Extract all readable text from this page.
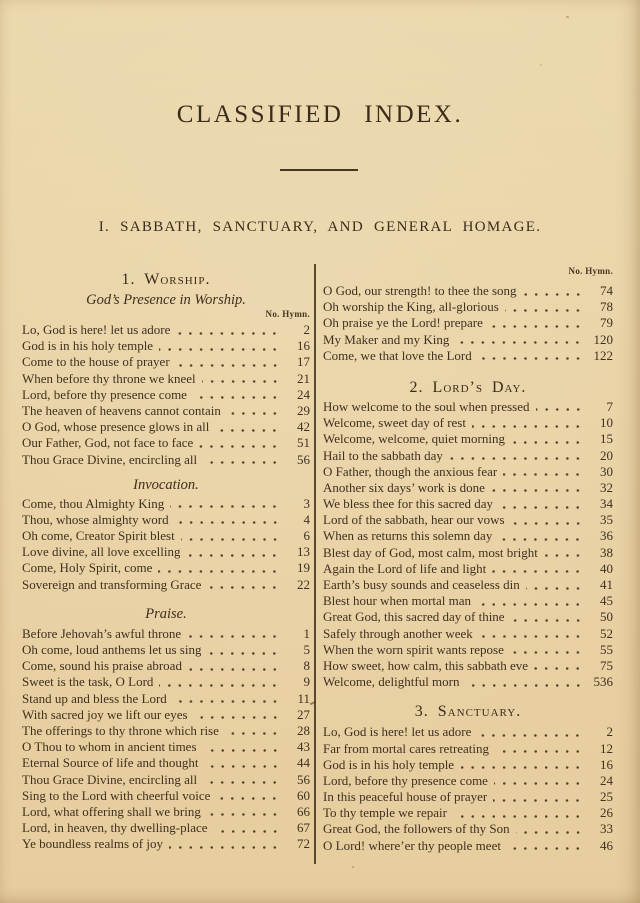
CLASSIFIED INDEX.
I. SABBATH, SANCTUARY, AND GENERAL HOMAGE.
1. Worship.
God’s Presence in Worship.
No. Hymn.
Lo, God is here! let us adore	2
God is in his holy temple	16
Come to the house of prayer	17
When before thy throne we kneel	21
Lord, before thy presence come	24
The heaven of heavens cannot contain	29
O God, whose presence glows in all	42
Our Father, God, not face to face	51
Thou Grace Divine, encircling all	56
Invocation.
Come, thou Almighty King	3
Thou, whose almighty word	4
Oh come, Creator Spirit blest	6
Love divine, all love excelling	13
Come, Holy Spirit, come	19
Sovereign and transforming Grace	22
Praise.
Before Jehovah’s awful throne	1
Oh come, loud anthems let us sing	5
Come, sound his praise abroad	8
Sweet is the task, O Lord	9
Stand up and bless the Lord	11
With sacred joy we lift our eyes	27
The offerings to thy throne which rise	28
O Thou to whom in ancient times	43
Eternal Source of life and thought	44
Thou Grace Divine, encircling all	56
Sing to the Lord with cheerful voice	60
Lord, what offering shall we bring	66
Lord, in heaven, thy dwelling-place	67
Ye boundless realms of joy	72
No. Hymn.
O God, our strength! to thee the song	74
Oh worship the King, all-glorious	78
Oh praise ye the Lord! prepare	79
My Maker and my King	120
Come, we that love the Lord	122
2. Lord’s Day.
How welcome to the soul when pressed	7
Welcome, sweet day of rest	10
Welcome, welcome, quiet morning	15
Hail to the sabbath day	20
O Father, though the anxious fear	30
Another six days’ work is done	32
We bless thee for this sacred day	34
Lord of the sabbath, hear our vows	35
When as returns this solemn day	36
Blest day of God, most calm, most bright	38
Again the Lord of life and light	40
Earth’s busy sounds and ceaseless din	41
Blest hour when mortal man	45
Great God, this sacred day of thine	50
Safely through another week	52
When the worn spirit wants repose	55
How sweet, how calm, this sabbath eve	75
Welcome, delightful morn	536
3. Sanctuary.
Lo, God is here! let us adore	2
Far from mortal cares retreating	12
God is in his holy temple	16
Lord, before thy presence come	24
In this peaceful house of prayer	25
To thy temple we repair	26
Great God, the followers of thy Son	33
O Lord! where’er thy people meet	46
